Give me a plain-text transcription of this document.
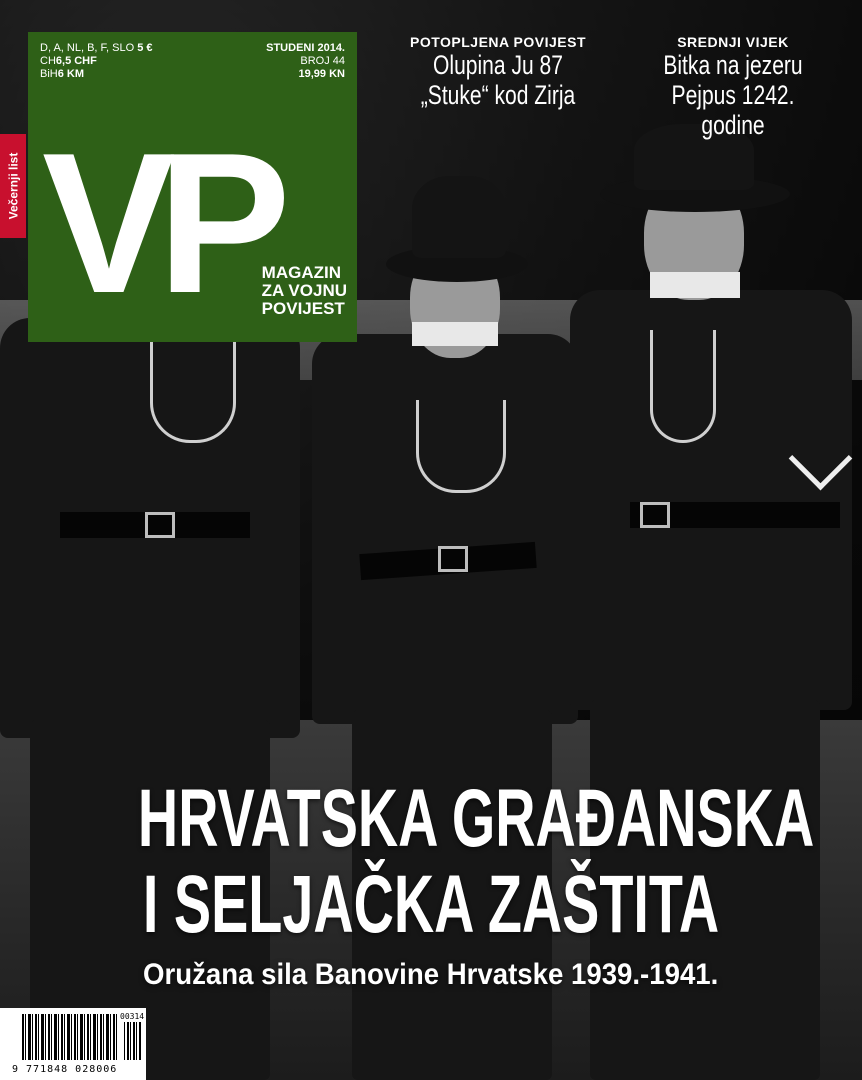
D, A, NL, B, F, SLO 5 €
CH6,5 CHF
BiH6 KM
STUDENI 2014.
BROJ 44
19,99 KN
VP
MAGAZIN
ZA VOJNU
POVIJEST
Večernji list
POTOPLJENA POVIJEST
Olupina Ju 87
„Stuke“ kod Zirja
SREDNJI VIJEK
Bitka na jezeru
Pejpus 1242. godine
HRVATSKA GRAĐANSKA
I SELJAČKA ZAŠTITA
Oružana sila Banovine Hrvatske 1939.-1941.
00314
9 771848 028006
